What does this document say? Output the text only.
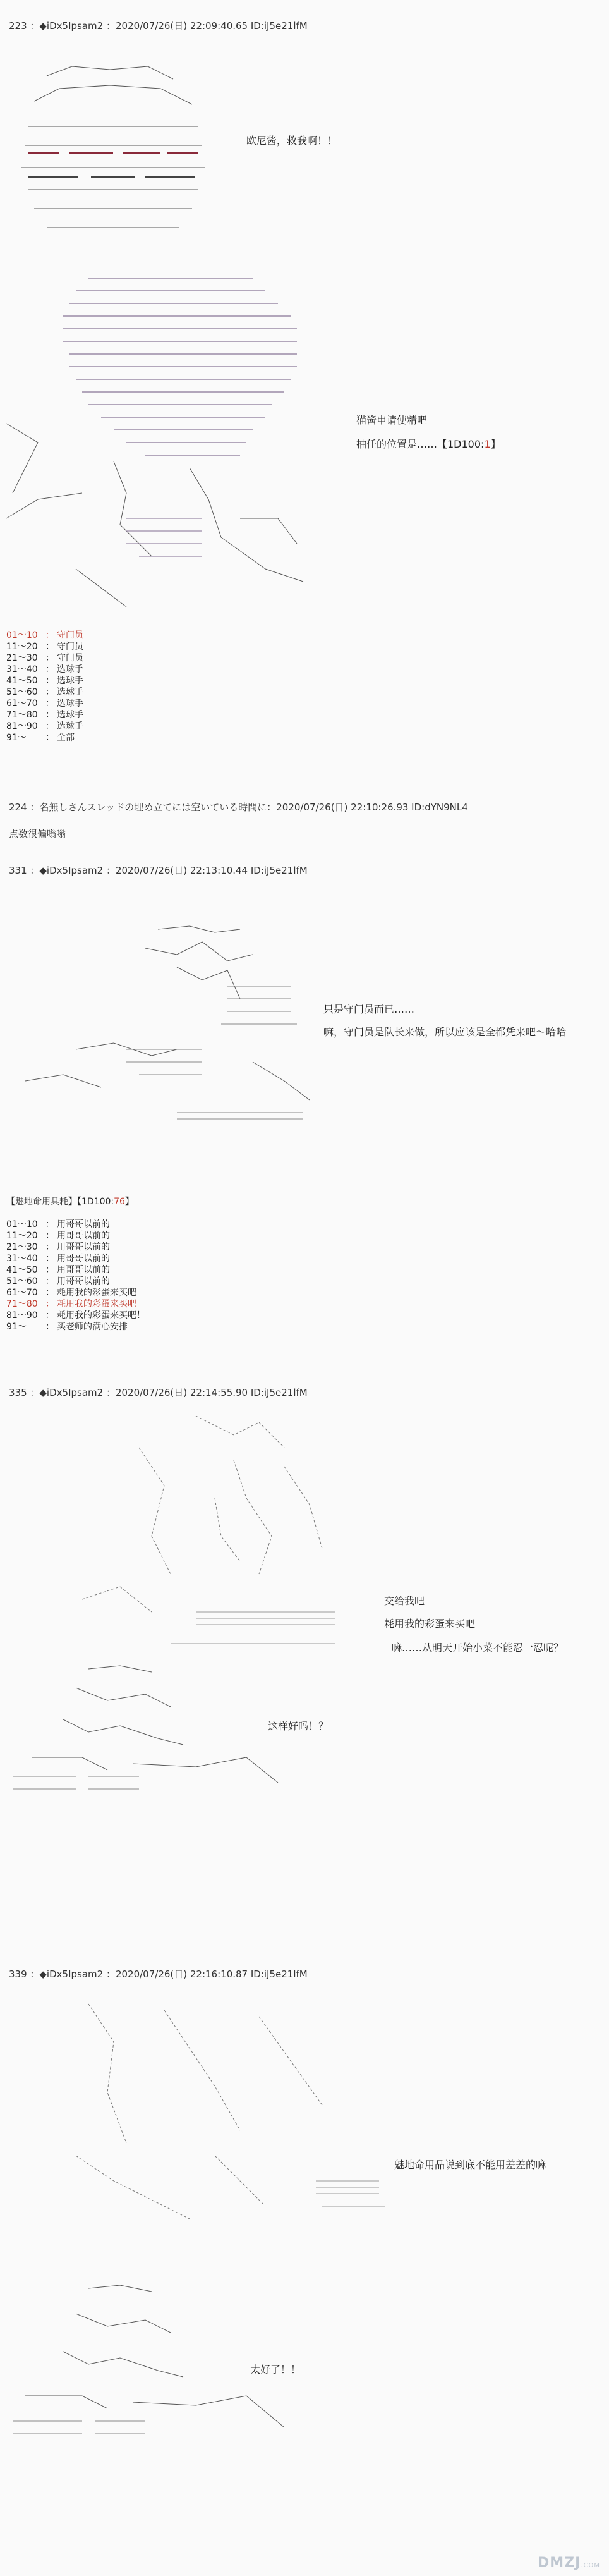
223 ：◆iDx5Ipsam2 ：2020/07/26(日) 22:09:40.65 ID:iJ5e21lfM
欧尼酱，救我啊！！
猫酱申请使精吧
抽任的位置是……【1D100:1】
01～10 ： 守门员
11～20 ： 守门员
21～30 ： 守门员
31～40 ： 选球手
41～50 ： 选球手
51～60 ： 选球手
61～70 ： 选球手
71～80 ： 选球手
81～90 ： 选球手
91～	： 全部
224 ：名無しさんスレッドの埋め立てには空いている時間に：2020/07/26(日) 22:10:26.93 ID:dYN9NL4
点数很偏嗡嗡
331 ：◆iDx5Ipsam2 ：2020/07/26(日) 22:13:10.44 ID:iJ5e21lfM
只是守门员而已……
嘛，守门员是队长来做，所以应该是全都凭来吧～哈哈
【魅地命用具耗】【1D100:76】
01～10 ： 用哥哥以前的
11～20 ： 用哥哥以前的
21～30 ： 用哥哥以前的
31～40 ： 用哥哥以前的
41～50 ： 用哥哥以前的
51～60 ： 用哥哥以前的
61～70 ： 耗用我的彩蛋来买吧
71～80 ： 耗用我的彩蛋来买吧
81～90 ： 耗用我的彩蛋来买吧！
91～	： 买老师的满心安排
335 ：◆iDx5Ipsam2 ：2020/07/26(日) 22:14:55.90 ID:iJ5e21lfM
交给我吧
耗用我的彩蛋来买吧
嘛……从明天开始小菜不能忍一忍呢？
这样好吗！？
339 ：◆iDx5Ipsam2 ：2020/07/26(日) 22:16:10.87 ID:iJ5e21lfM
魅地命用品说到底不能用差差的嘛
太好了！！
DMZJ.COM
